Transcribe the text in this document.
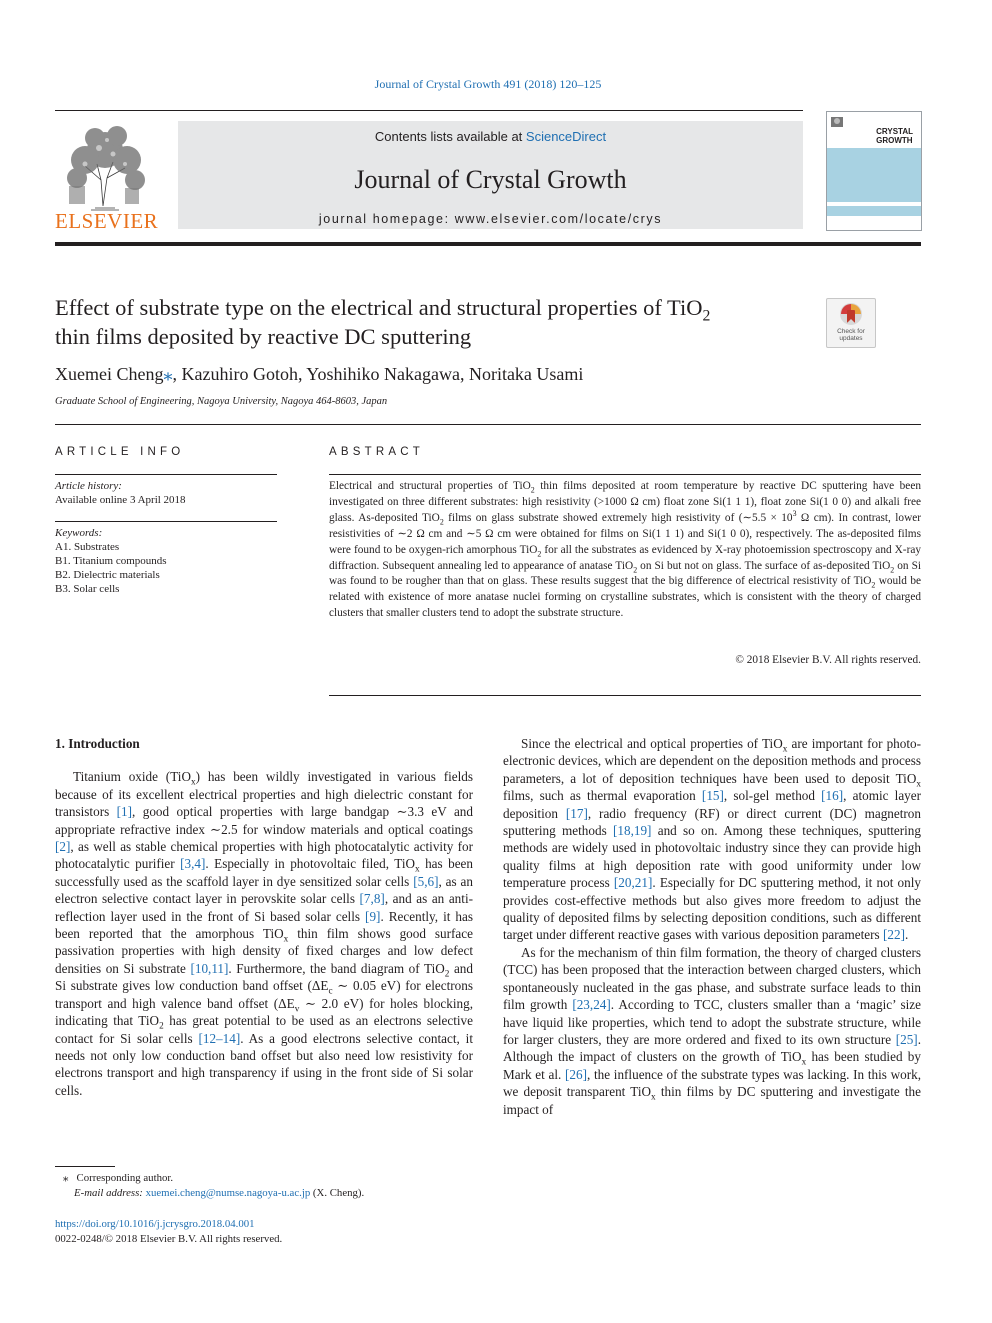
Journal of Crystal Growth 491 (2018) 120–125
ELSEVIER
Contents lists available at ScienceDirect
Journal of Crystal Growth
journal homepage: www.elsevier.com/locate/crys
CRYSTAL
GROWTH
Effect of substrate type on the electrical and structural properties of TiO$_2$
thin films deposited by reactive DC sputtering	Check for
updates
Xuemei Cheng⁎, Kazuhiro Gotoh, Yoshihiko Nakagawa, Noritaka Usami
Graduate School of Engineering, Nagoya University, Nagoya 464-8603, Japan
ARTICLE INFO	ABSTRACT
Article history:
Available online 3 April 2018
Keywords:
A1. Substrates
B1. Titanium compounds
B2. Dielectric materials
B3. Solar cells
Electrical and structural properties of TiO$_2$ thin films deposited at room temperature by reactive DC sputtering have been investigated on three different substrates: high resistivity (>1000 Ω cm) float zone Si(1 1 1), float zone Si(1 0 0) and alkali free glass. As-deposited TiO$_2$ films on glass substrate showed extremely high resistivity of (∼5.5 × $10^3$ Ω cm). In contrast, lower resistivities of ∼2 Ω cm and ∼5 Ω cm were obtained for films on Si(1 1 1) and Si(1 0 0), respectively. The as-deposited films were found to be oxygen-rich amorphous TiO$_2$ for all the substrates as evidenced by X-ray photoemission spectroscopy and X-ray diffraction. Subsequent annealing led to appearance of anatase TiO$_2$ on Si but not on glass. The surface of as-deposited TiO$_2$ on Si was found to be rougher than that on glass. These results suggest that the big difference of electrical resistivity of TiO$_2$ would be related with existence of more anatase nuclei forming on crystalline substrates, which is consistent with the theory of charged clusters that smaller clusters tend to adopt the substrate structure.
© 2018 Elsevier B.V. All rights reserved.
1. Introduction

Titanium oxide (TiO$_x$) has been wildly investigated in various fields because of its excellent electrical properties and high dielectric constant for transistors [1], good optical properties with large bandgap ∼3.3 eV and appropriate refractive index ∼2.5 for window materials and optical coatings [2], as well as stable chemical properties with high photocatalytic activity for photocatalytic purifier [3,4]. Especially in photovoltaic filed, TiO$_x$ has been successfully used as the scaffold layer in dye sensitized solar cells [5,6], as an electron selective contact layer in perovskite solar cells [7,8], and as an anti-reflection layer used in the front of Si based solar cells [9]. Recently, it has been reported that the amorphous TiO$_x$ thin film shows good surface passivation properties with high density of fixed charges and low defect densities on Si substrate [10,11]. Furthermore, the band diagram of TiO$_2$ and Si substrate gives low conduction band offset ($\Delta E_c$ ∼ 0.05 eV) for electrons transport and high valence band offset ($\Delta E_v$ ∼ 2.0 eV) for holes blocking, indicating that TiO$_2$ has great potential to be used as an electrons selective contact for Si solar cells [12–14]. As a good electrons selective contact, it needs not only low conduction band offset but also need low resistivity for electrons transport and high transparency if using in the front side of Si solar cells.

Since the electrical and optical properties of TiO$_x$ are important for photo-electronic devices, which are dependent on the deposition methods and process parameters, a lot of deposition techniques have been used to deposit TiO$_x$ films, such as thermal evaporation [15], sol-gel method [16], atomic layer deposition [17], radio frequency (RF) or direct current (DC) magnetron sputtering methods [18,19] and so on. Among these techniques, sputtering methods are widely used in photovoltaic industry since they can provide high quality films at high deposition rate with good uniformity under low temperature process [20,21]. Especially for DC sputtering method, it not only provides cost-effective methods but also gives more freedom to adjust the quality of deposited films by selecting deposition conditions, such as different target under different reactive gases with various deposition parameters [22].

As for the mechanism of thin film formation, the theory of charged clusters (TCC) has been proposed that the interaction between charged clusters, which spontaneously nucleated in the gas phase, and substrate surface leads to thin film growth [23,24]. According to TCC, clusters smaller than a ‘magic’ size have liquid like properties, which tend to adopt the substrate structure, while for larger clusters, they are more ordered and fixed to its own structure [25]. Although the impact of clusters on the growth of TiO$_x$ has been studied by Mark et al. [26], the influence of the substrate types was lacking. In this work, we deposit transparent TiO$_x$ thin films by DC sputtering and investigate the impact of

⁎ Corresponding author.
E-mail address: xuemei.cheng@numse.nagoya-u.ac.jp (X. Cheng).
https://doi.org/10.1016/j.jcrysgro.2018.04.001
0022-0248/© 2018 Elsevier B.V. All rights reserved.
